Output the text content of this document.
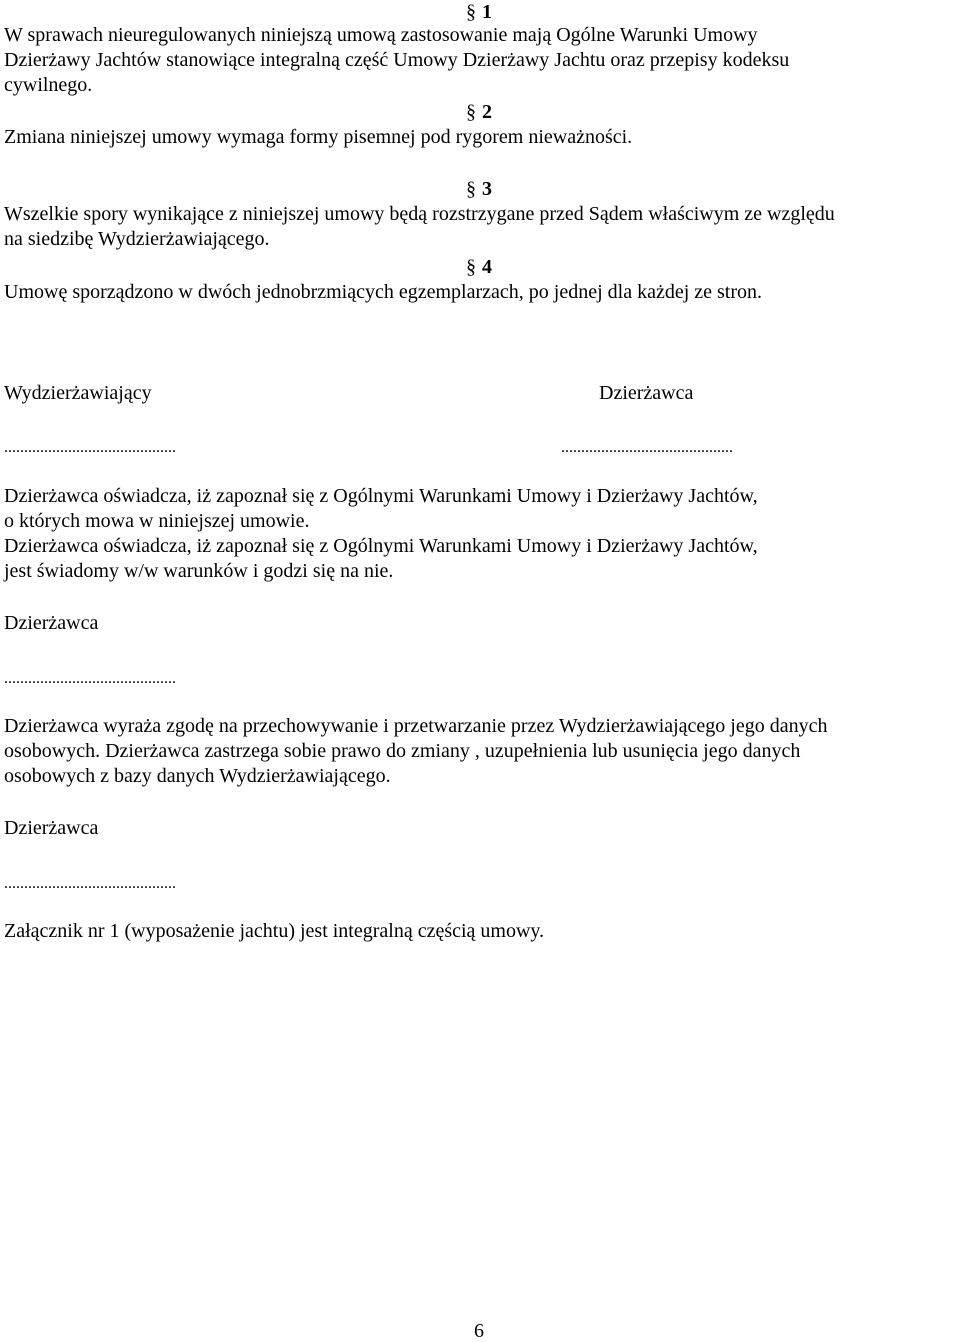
§ 1
W sprawach nieuregulowanych niniejszą umową zastosowanie mają Ogólne Warunki Umowy
Dzierżawy Jachtów stanowiące integralną część Umowy Dzierżawy Jachtu oraz przepisy kodeksu
cywilnego.
§ 2
Zmiana niniejszej umowy wymaga formy pisemnej pod rygorem nieważności.
§ 3
Wszelkie spory wynikające z niniejszej umowy będą rozstrzygane przed Sądem właściwym ze względu
na siedzibę Wydzierżawiającego.
§ 4
Umowę sporządzono w dwóch jednobrzmiących egzemplarzach, po jednej dla każdej ze stron.
Wydzierżawiający	Dzierżawca
...........................................	...........................................
Dzierżawca oświadcza, iż zapoznał się z Ogólnymi Warunkami Umowy i Dzierżawy Jachtów,
o których mowa w niniejszej umowie.
Dzierżawca oświadcza, iż zapoznał się z Ogólnymi Warunkami Umowy i Dzierżawy Jachtów,
jest świadomy w/w warunków i godzi się na nie.
Dzierżawca
...........................................
Dzierżawca wyraża zgodę na przechowywanie i przetwarzanie przez Wydzierżawiającego jego danych
osobowych. Dzierżawca zastrzega sobie prawo do zmiany , uzupełnienia lub usunięcia jego danych
osobowych z bazy danych Wydzierżawiającego.
Dzierżawca
...........................................
Załącznik nr 1 (wyposażenie jachtu) jest integralną częścią umowy.
6
